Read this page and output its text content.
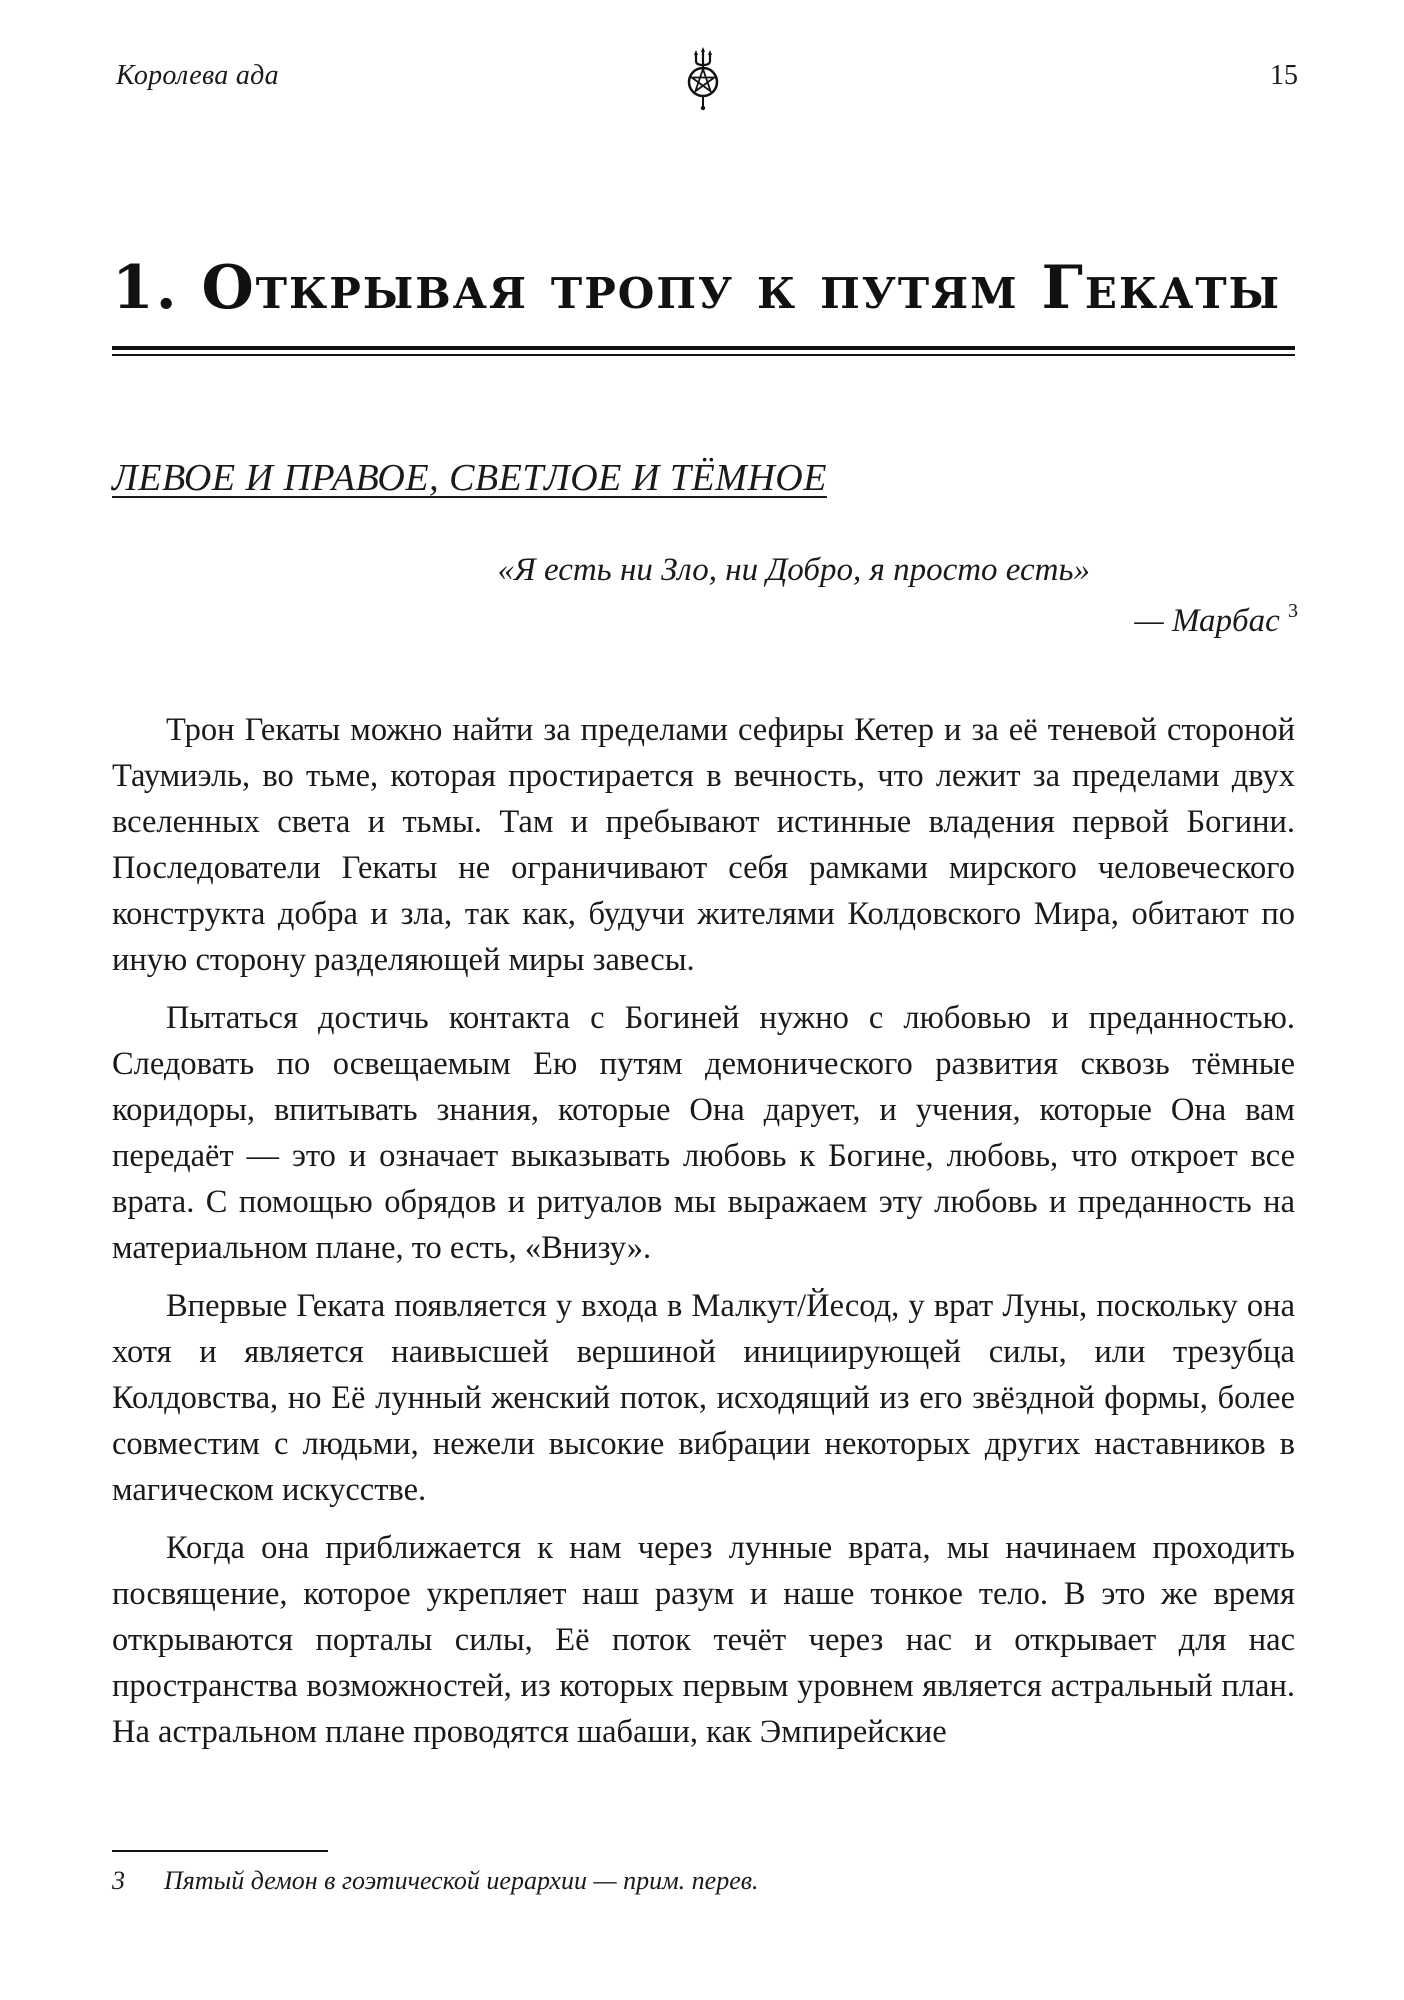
Королева ада	15
1. Открывая тропу к путям Гекаты
ЛЕВОЕ И ПРАВОЕ, СВЕТЛОЕ И ТЁМНОЕ
«Я есть ни Зло, ни Добро, я просто есть»
— Марбас $^3$

Трон Гекаты можно найти за пределами сефиры Кетер и за её теневой стороной Таумиэль, во тьме, которая простирается в вечность, что лежит за пределами двух вселенных света и тьмы. Там и пребывают истинные владения первой Богини. Последователи Гекаты не ограничивают себя рамками мирского человеческого конструкта добра и зла, так как, будучи жителями Колдовского Мира, обитают по иную сторону разделяющей миры завесы.

Пытаться достичь контакта с Богиней нужно с любовью и преданностью. Следовать по освещаемым Ею путям демонического развития сквозь тёмные коридоры, впитывать знания, которые Она дарует, и учения, которые Она вам передаёт — это и означает выказывать любовь к Богине, любовь, что откроет все врата. С помощью обрядов и ритуалов мы выражаем эту любовь и преданность на материальном плане, то есть, «Внизу».

Впервые Геката появляется у входа в Малкут/Йесод, у врат Луны, поскольку она хотя и является наивысшей вершиной инициирующей силы, или трезубца Колдовства, но Её лунный женский поток, исходящий из его звёздной формы, более совместим с людьми, нежели высокие вибрации некоторых других наставников в магическом искусстве.

Когда она приближается к нам через лунные врата, мы начинаем проходить посвящение, которое укрепляет наш разум и наше тонкое тело. В это же время открываются порталы силы, Её поток течёт через нас и открывает для нас пространства возможностей, из которых первым уровнем является астральный план. На астральном плане проводятся шабаши, как Эмпирейские

3 Пятый демон в гоэтической иерархии — прим. перев.
